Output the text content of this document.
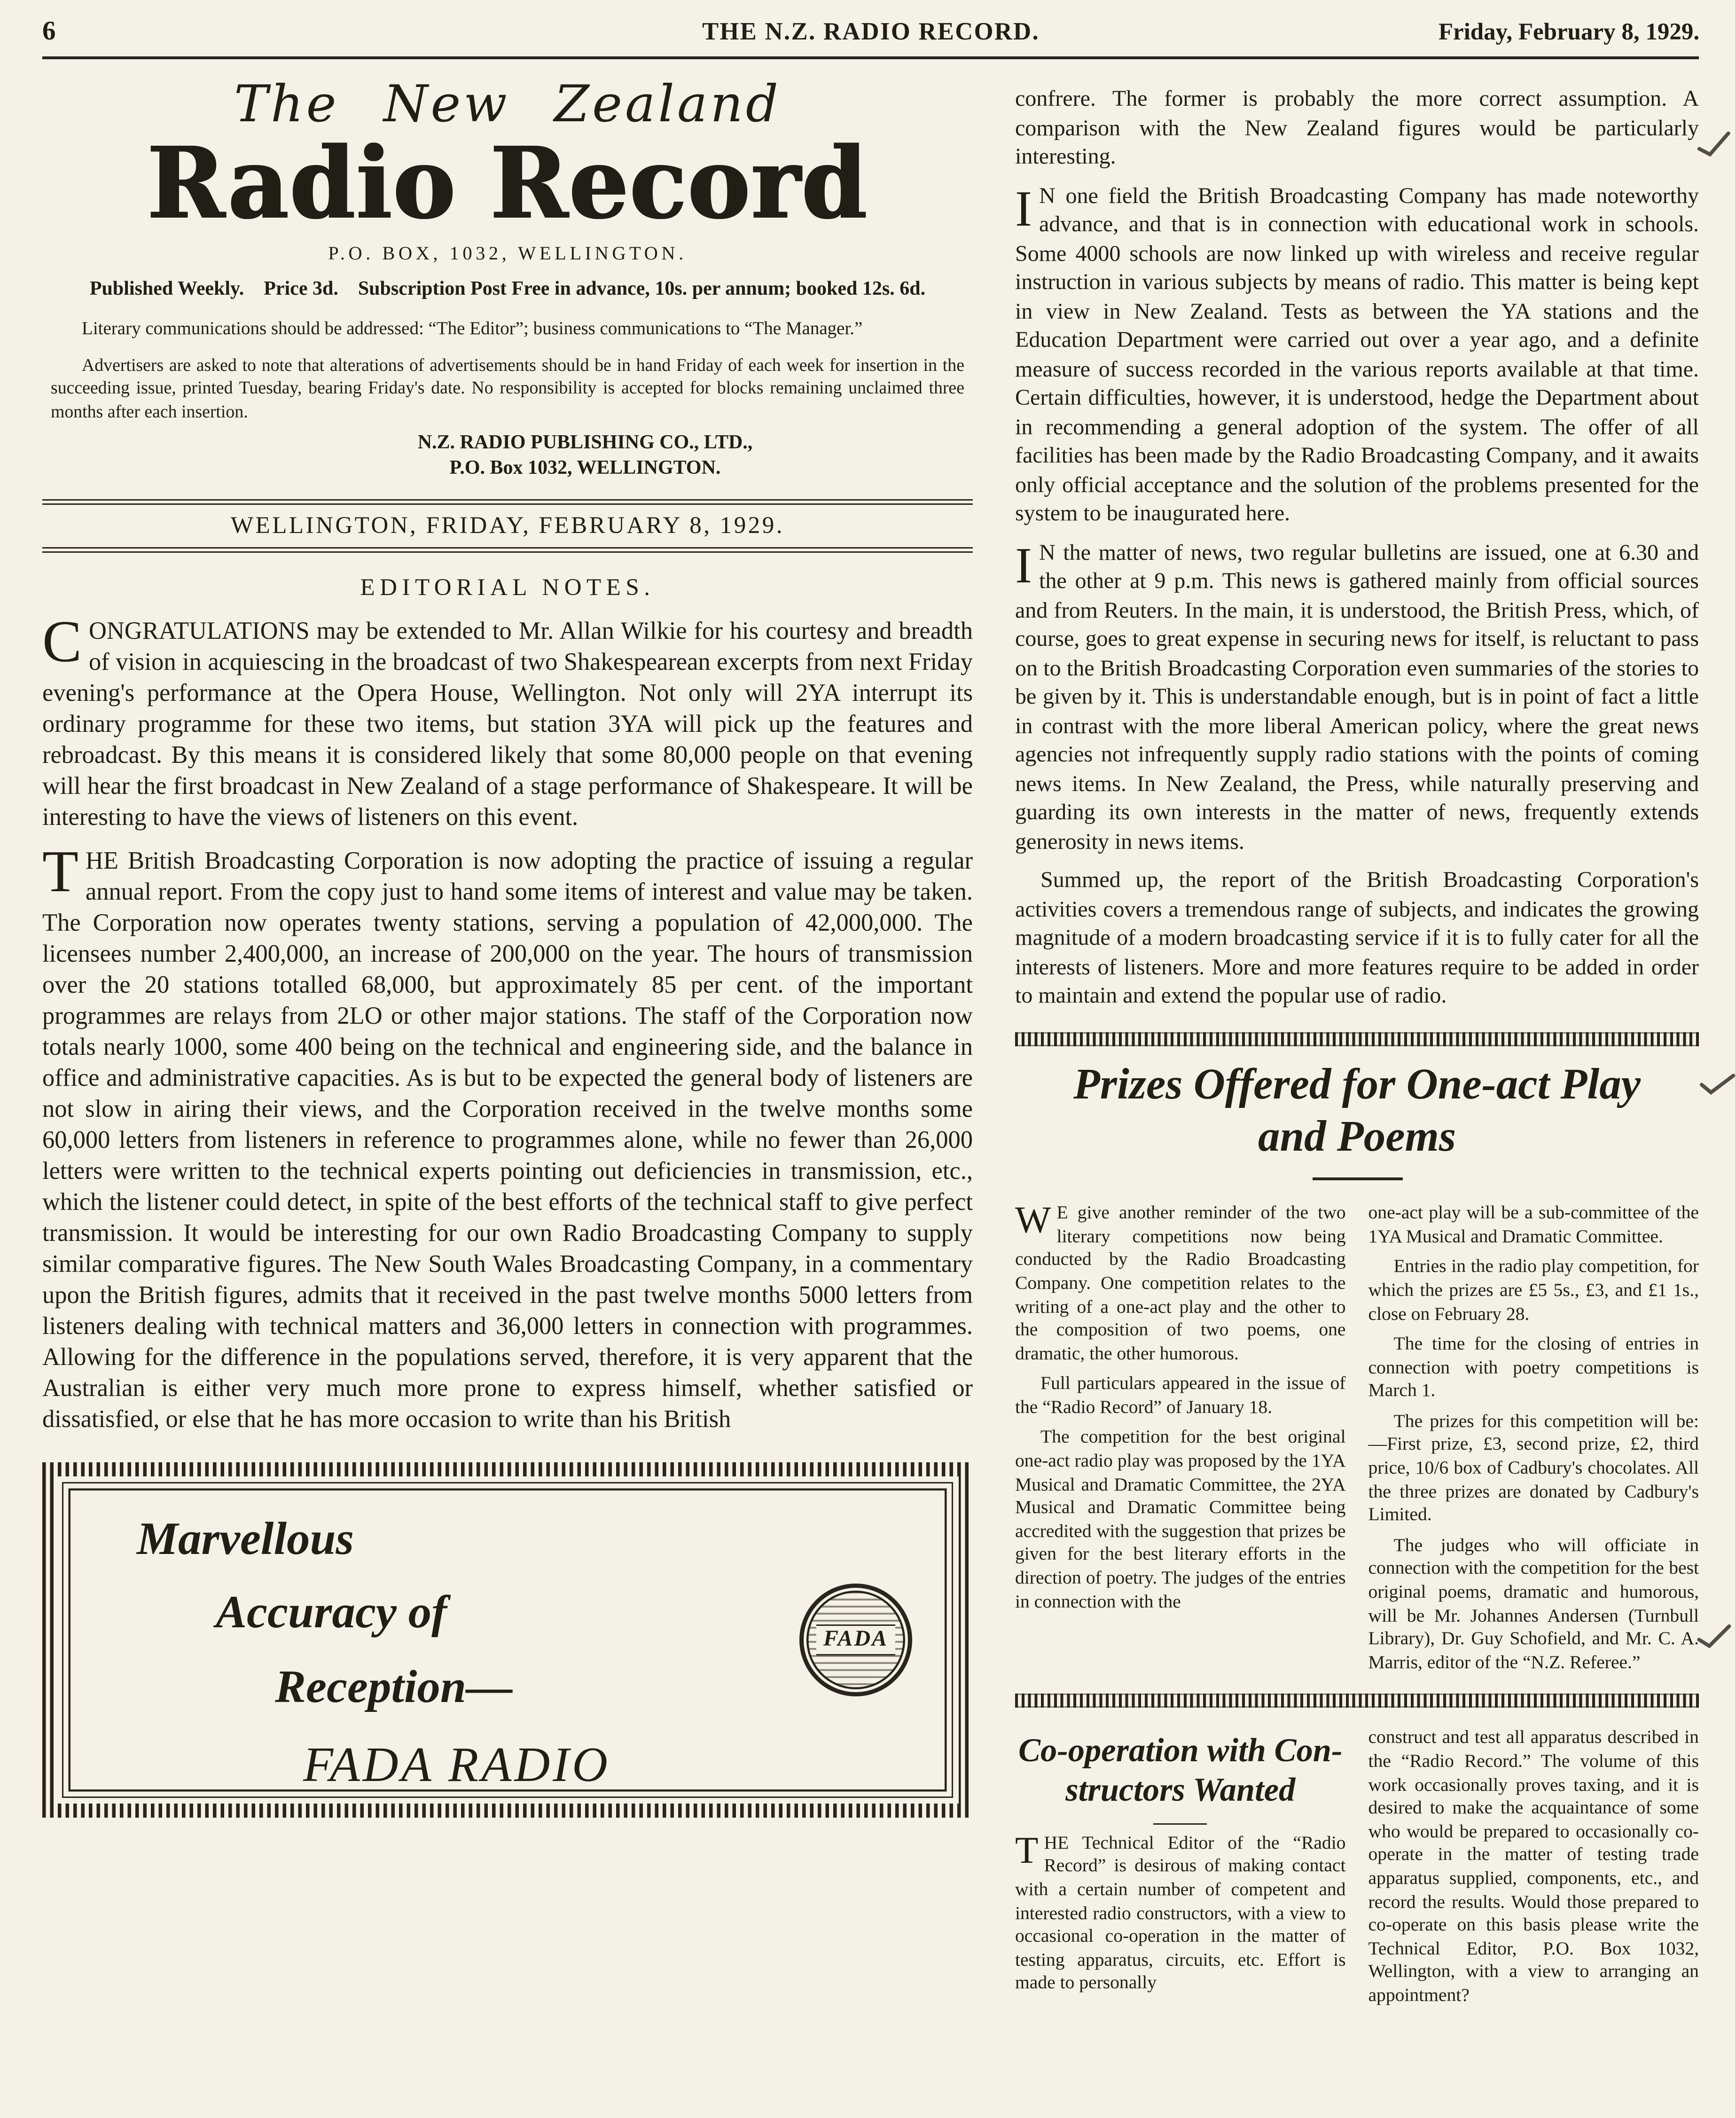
6	THE N.Z. RADIO RECORD.	Friday, February 8, 1929.
The New Zealand
Radio Record
P.O. BOX, 1032, WELLINGTON.

Published Weekly. Price 3d. Subscription Post Free in advance, 10s. per annum; booked 12s. 6d.

Literary communications should be addressed: “The Editor”; business communications to “The Manager.”

Advertisers are asked to note that alterations of advertisements should be in hand Friday of each week for insertion in the succeeding issue, printed Tuesday, bearing Friday's date. No responsibility is accepted for blocks remaining unclaimed three months after each insertion.

N.Z. RADIO PUBLISHING CO., LTD.,
P.O. Box 1032, WELLINGTON.
WELLINGTON, FRIDAY, FEBRUARY 8, 1929.
EDITORIAL NOTES.

CONGRATULATIONS may be extended to Mr. Allan Wilkie for his courtesy and breadth of vision in acquiescing in the broadcast of two Shakespearean excerpts from next Friday evening's performance at the Opera House, Wellington. Not only will 2YA interrupt its ordinary programme for these two items, but station 3YA will pick up the features and rebroadcast. By this means it is considered likely that some 80,000 people on that evening will hear the first broadcast in New Zealand of a stage performance of Shakespeare. It will be interesting to have the views of listeners on this event.

THE British Broadcasting Corporation is now adopting the practice of issuing a regular annual report. From the copy just to hand some items of interest and value may be taken. The Corporation now operates twenty stations, serving a population of 42,000,000. The licensees number 2,400,000, an increase of 200,000 on the year. The hours of transmission over the 20 stations totalled 68,000, but approximately 85 per cent. of the important programmes are relays from 2LO or other major stations. The staff of the Corporation now totals nearly 1000, some 400 being on the technical and engineering side, and the balance in office and administrative capacities. As is but to be expected the general body of listeners are not slow in airing their views, and the Corporation received in the twelve months some 60,000 letters from listeners in reference to programmes alone, while no fewer than 26,000 letters were written to the technical experts pointing out deficiencies in transmission, etc., which the listener could detect, in spite of the best efforts of the technical staff to give perfect transmission. It would be interesting for our own Radio Broadcasting Company to supply similar comparative figures. The New South Wales Broadcasting Company, in a commentary upon the British figures, admits that it received in the past twelve months 5000 letters from listeners dealing with technical matters and 36,000 letters in connection with programmes. Allowing for the difference in the populations served, therefore, it is very apparent that the Australian is either very much more prone to express himself, whether satisfied or dissatisfied, or else that he has more occasion to write than his British

Marvellous
Accuracy of
Reception—
FADA RADIO
FADA

confrere. The former is probably the more correct assumption. A comparison with the New Zealand figures would be particularly interesting.

I N one field the British Broadcasting Company has made noteworthy advance, and that is in connection with educational work in schools. Some 4000 schools are now linked up with wireless and receive regular instruction in various subjects by means of radio. This matter is being kept in view in New Zealand. Tests as between the YA stations and the Education Department were carried out over a year ago, and a definite measure of success recorded in the various reports available at that time. Certain difficulties, however, it is understood, hedge the Department about in recommending a general adoption of the system. The offer of all facilities has been made by the Radio Broadcasting Company, and it awaits only official acceptance and the solution of the problems presented for the system to be inaugurated here.

I N the matter of news, two regular bulletins are issued, one at 6.30 and the other at 9 p.m. This news is gathered mainly from official sources and from Reuters. In the main, it is understood, the British Press, which, of course, goes to great expense in securing news for itself, is reluctant to pass on to the British Broadcasting Corporation even summaries of the stories to be given by it. This is understandable enough, but is in point of fact a little in contrast with the more liberal American policy, where the great news agencies not infrequently supply radio stations with the points of coming news items. In New Zealand, the Press, while naturally preserving and guarding its own interests in the matter of news, frequently extends generosity in news items.

Summed up, the report of the British Broadcasting Corporation's activities covers a tremendous range of subjects, and indicates the growing magnitude of a modern broadcasting service if it is to fully cater for all the interests of listeners. More and more features require to be added in order to maintain and extend the popular use of radio.

Prizes Offered for One-act Play
and Poems

W E give another reminder of the two literary competitions now being conducted by the Radio Broadcasting Company. One competition relates to the writing of a one-act play and the other to the composition of two poems, one dramatic, the other humorous.

Full particulars appeared in the issue of the “Radio Record” of January 18.

The competition for the best original one-act radio play was proposed by the 1YA Musical and Dramatic Committee, the 2YA Musical and Dramatic Committee being accredited with the suggestion that prizes be given for the best literary efforts in the direction of poetry. The judges of the entries in connection with the

one-act play will be a sub-committee of the 1YA Musical and Dramatic Committee.

Entries in the radio play competition, for which the prizes are £5 5s., £3, and £1 1s., close on February 28.

The time for the closing of entries in connection with poetry competitions is March 1.

The prizes for this competition will be:—First prize, £3, second prize, £2, third price, 10/6 box of Cadbury's chocolates. All the three prizes are donated by Cadbury's Limited.

The judges who will officiate in connection with the competition for the best original poems, dramatic and humorous, will be Mr. Johannes Andersen (Turnbull Library), Dr. Guy Schofield, and Mr. C. A. Marris, editor of the “N.Z. Referee.”

Co-operation with Con-
structors Wanted

THE Technical Editor of the “Radio Record” is desirous of making contact with a certain number of competent and interested radio constructors, with a view to occasional co-operation in the matter of testing apparatus, circuits, etc. Effort is made to personally

construct and test all apparatus described in the “Radio Record.” The volume of this work occasionally proves taxing, and it is desired to make the acquaintance of some who would be prepared to occasionally co-operate in the matter of testing trade apparatus supplied, components, etc., and record the results. Would those prepared to co-operate on this basis please write the Technical Editor, P.O. Box 1032, Wellington, with a view to arranging an appointment?
